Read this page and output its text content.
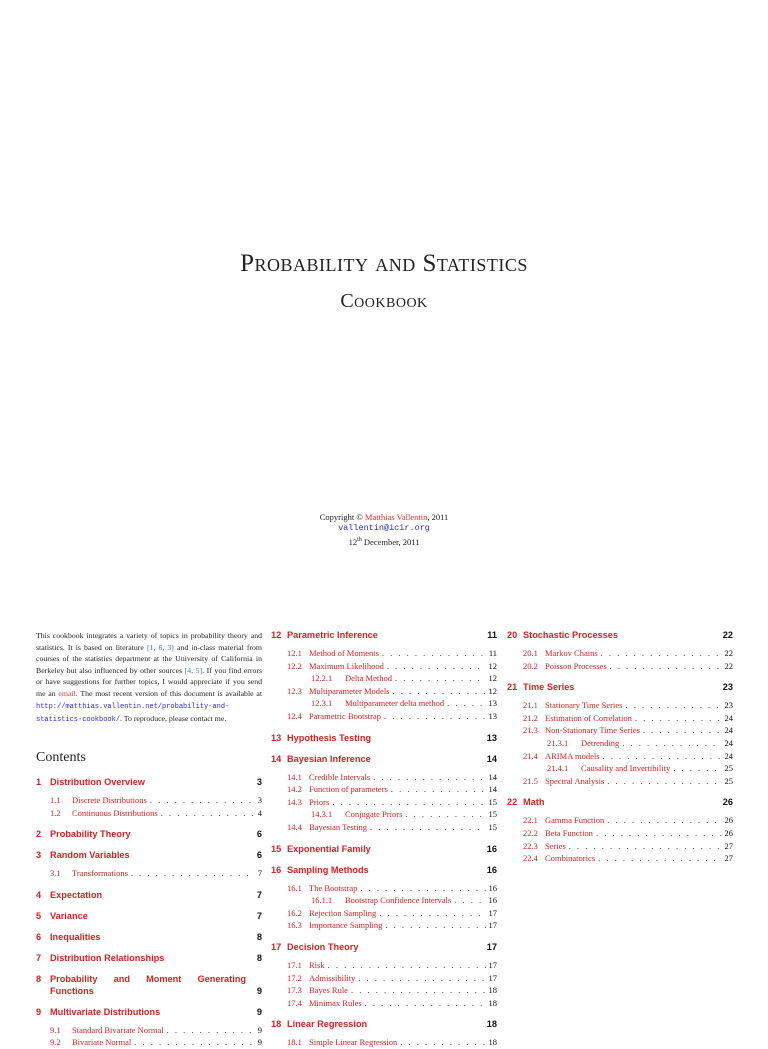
Probability and Statistics
Cookbook
Copyright © Matthias Vallentin, 2011
vallentin@icir.org
12th December, 2011
This cookbook integrates a variety of topics in probability theory and statistics. It is based on literature [1, 6, 3] and in-class material from courses of the statistics department at the University of California in Berkeley but also influenced by other sources [4, 5]. If you find errors or have suggestions for further topics, I would appreciate if you send me an email. The most recent version of this document is available at http://matthias.vallentin.net/probability-and-statistics-cookbook/. To reproduce, please contact me.
Contents
1 Distribution Overview	3
1.1	Discrete Distributions . . .	3
1.2	Continuous Distributions . . .	4
2 Probability Theory	6
3 Random Variables	6
3.1	Transformations . . .	7
4 Expectation	7
5 Variance	7
6 Inequalities	8
7 Distribution Relationships	8
8 Probability and Moment Generating
Functions	9
9 Multivariate Distributions	9
9.1	Standard Bivariate Normal . . .	9
9.2	Bivariate Normal . . .	9
12 Parametric Inference	11
12.1 Method of Moments . . .	11
12.2 Maximum Likelihood . . .	12
12.2.1	Delta Method . . .	12
12.3 Multiparameter Models . . .	12
12.3.1	Multiparameter delta method . . .	13
12.4 Parametric Bootstrap . . .	13
13 Hypothesis Testing	13
14 Bayesian Inference	14
14.1 Credible Intervals . . .	14
14.2 Function of parameters . . .	14
14.3 Priors . . .	15
14.3.1	Conjugate Priors . . .	15
14.4 Bayesian Testing . . .	15
15 Exponential Family	16
16 Sampling Methods	16
16.1 The Bootstrap . . .	16
16.1.1	Bootstrap Confidence Intervals . . .	16
16.2 Rejection Sampling . . .	17
16.3 Importance Sampling . . .	17
17 Decision Theory	17
17.1 Risk . . .	17
17.2 Admissibility . . .	17
17.3 Bayes Rule . . .	18
17.4 Minimax Rules . . .	18
18 Linear Regression	18
18.1 Simple Linear Regression . . .	18
20 Stochastic Processes	22
20.1 Markov Chains . . .	22
20.2 Poisson Processes . . .	22
21 Time Series	23
21.1 Stationary Time Series . . .	23
21.2 Estimation of Correlation . . .	24
21.3 Non-Stationary Time Series . . .	24
21.3.1	Detrending . . .	24
21.4 ARIMA models . . .	24
21.4.1	Causality and Invertibility . . .	25
21.5 Spectral Analysis . . .	25
22 Math	26
22.1 Gamma Function . . .	26
22.2 Beta Function . . .	26
22.3 Series . . .	27
22.4 Combinatorics . . .	27
